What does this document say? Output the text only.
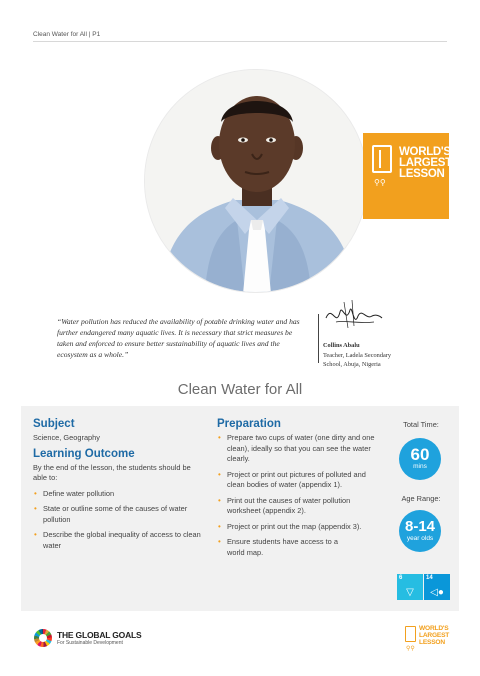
Clean Water for All | P1
WORLD'S
LARGEST
LESSON
⚲⚲
“Water pollution has reduced the availability of potable drinking water and has further endangered many aquatic lives. It is necessary that strict measures be taken and enforced to ensure better sustainability of aquatic lives and the ecosystem as a whole.”
Collins Abalu
Teacher, Ladela Secondary School, Abuja, Nigeria
Clean Water for All
Subject
Science, Geography
Learning Outcome
By the end of the lesson, the students should be able to:
• Define water pollution
• State or outline some of the causes of water pollution
• Describe the global inequality of access to clean water
Preparation
• Prepare two cups of water (one dirty and one clean), ideally so that you can see the water clearly.
• Project or print out pictures of polluted and clean bodies of water (appendix 1).
• Print out the causes of water pollution worksheet (appendix 2).
• Project or print out the map (appendix 3).
• Ensure students have access to a world map.
Total Time:
60
mins
Age Range:
8-14
year olds
6
▽
14
◁●
THE GLOBAL GOALS
For Sustainable Development
WORLD'S
LARGEST
LESSON
⚲⚲
